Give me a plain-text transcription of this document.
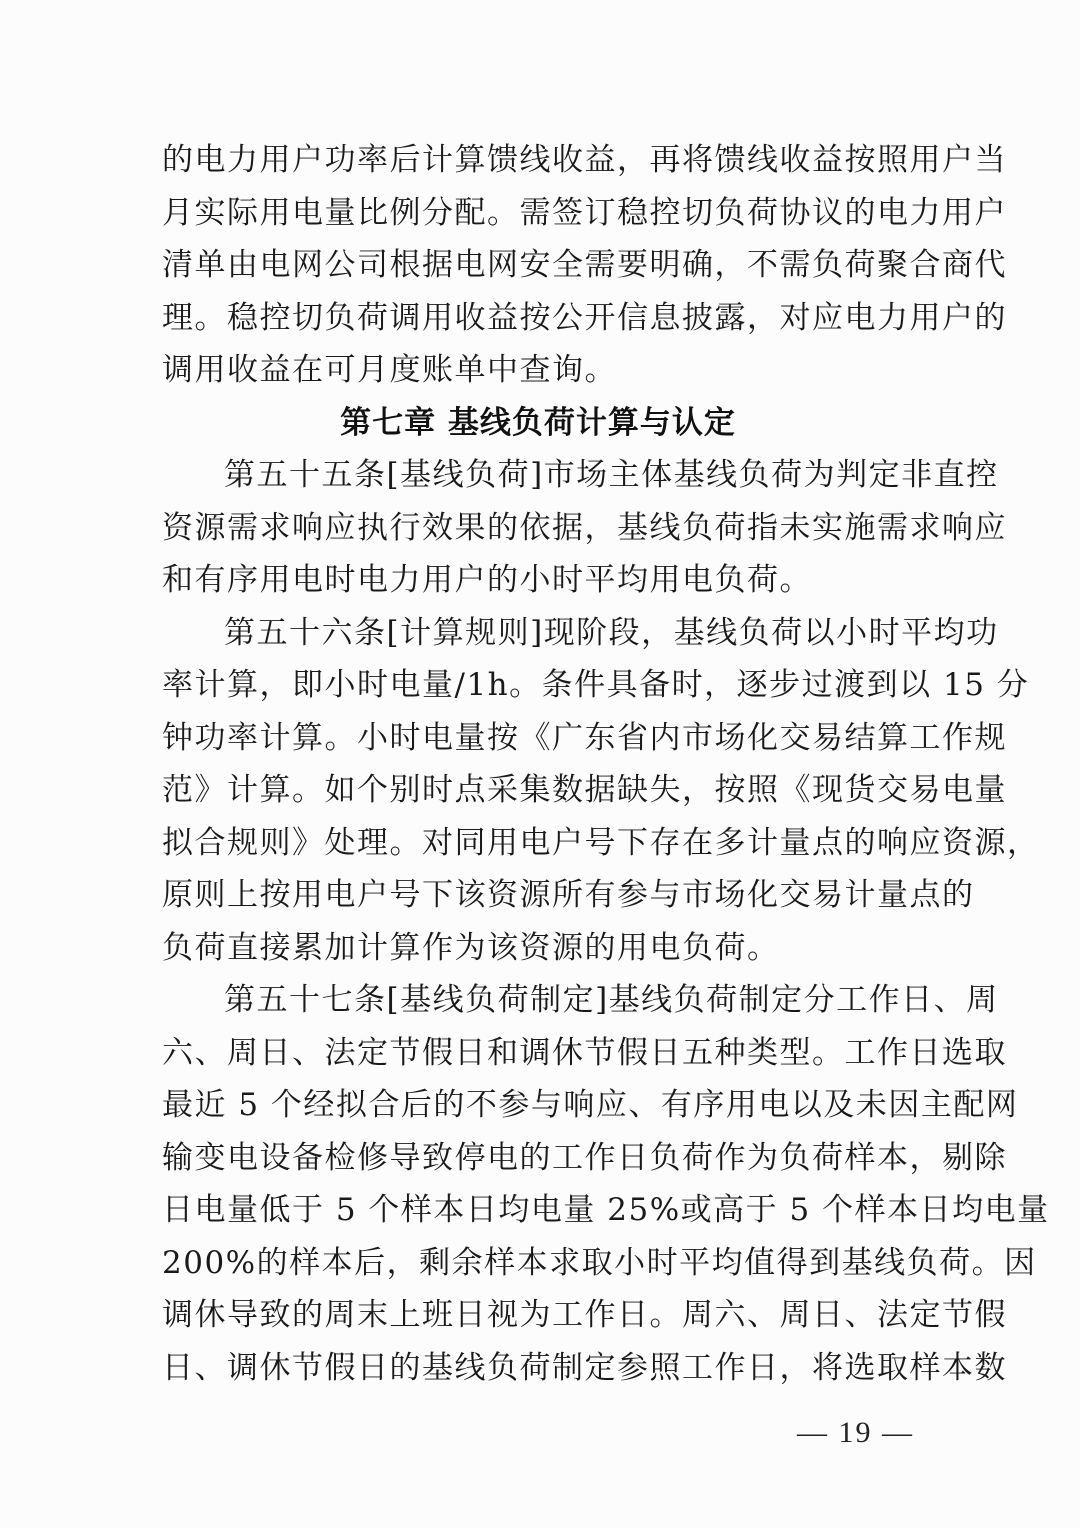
的电力用户功率后计算馈线收益，再将馈线收益按照用户当
月实际用电量比例分配。需签订稳控切负荷协议的电力用户
清单由电网公司根据电网安全需要明确，不需负荷聚合商代
理。稳控切负荷调用收益按公开信息披露，对应电力用户的
调用收益在可月度账单中查询。
第七章 基线负荷计算与认定
第五十五条[基线负荷]市场主体基线负荷为判定非直控
资源需求响应执行效果的依据，基线负荷指未实施需求响应
和有序用电时电力用户的小时平均用电负荷。
第五十六条[计算规则]现阶段，基线负荷以小时平均功
率计算，即小时电量/1h。条件具备时，逐步过渡到以 15 分
钟功率计算。小时电量按《广东省内市场化交易结算工作规
范》计算。如个别时点采集数据缺失，按照《现货交易电量
拟合规则》处理。对同用电户号下存在多计量点的响应资源，
原则上按用电户号下该资源所有参与市场化交易计量点的
负荷直接累加计算作为该资源的用电负荷。
第五十七条[基线负荷制定]基线负荷制定分工作日、周
六、周日、法定节假日和调休节假日五种类型。工作日选取
最近 5 个经拟合后的不参与响应、有序用电以及未因主配网
输变电设备检修导致停电的工作日负荷作为负荷样本，剔除
日电量低于 5 个样本日均电量 25%或高于 5 个样本日均电量
200%的样本后，剩余样本求取小时平均值得到基线负荷。因
调休导致的周末上班日视为工作日。周六、周日、法定节假
日、调休节假日的基线负荷制定参照工作日，将选取样本数
— 19 —
